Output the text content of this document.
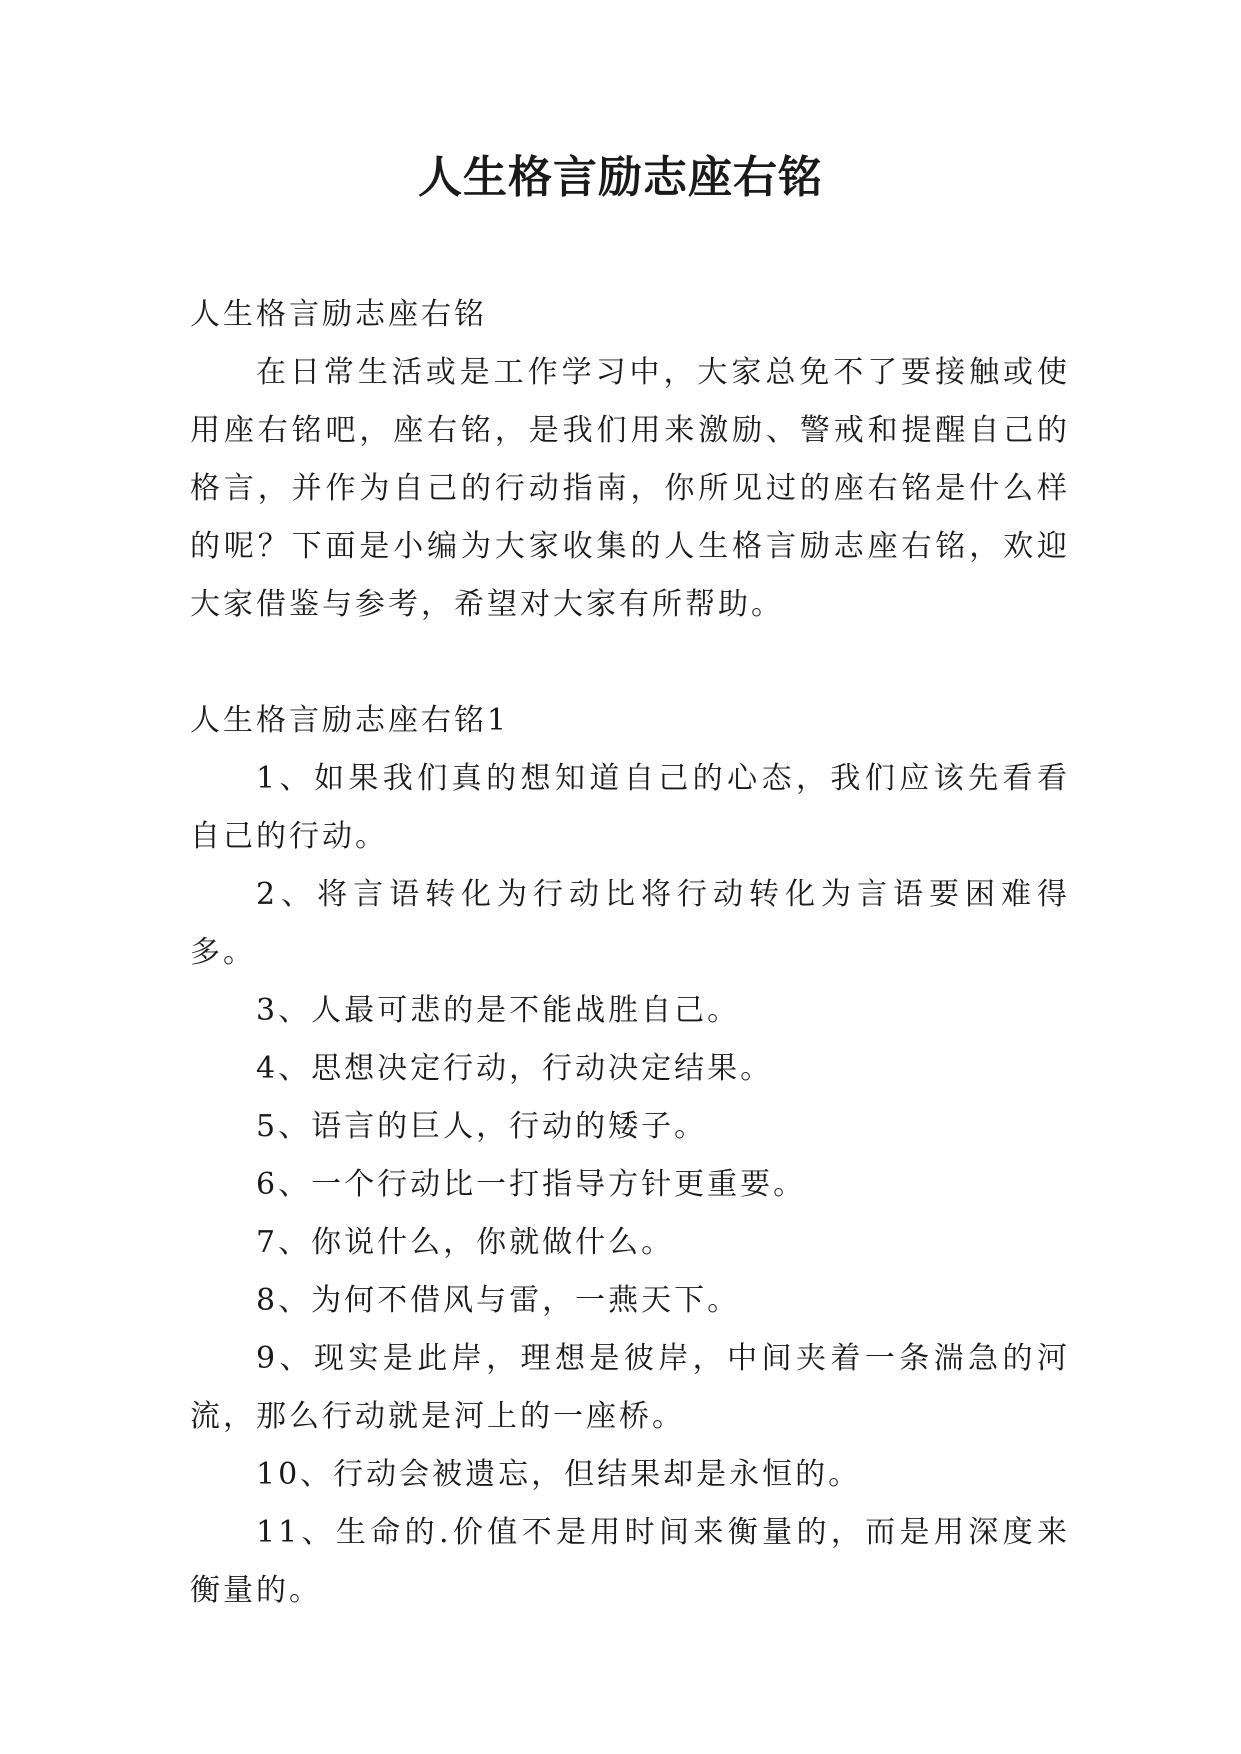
人生格言励志座右铭

人生格言励志座右铭

在日常生活或是工作学习中，大家总免不了要接触或使用座右铭吧，座右铭，是我们用来激励、警戒和提醒自己的格言，并作为自己的行动指南，你所见过的座右铭是什么样的呢？下面是小编为大家收集的人生格言励志座右铭，欢迎大家借鉴与参考，希望对大家有所帮助。

人生格言励志座右铭1

1、如果我们真的想知道自己的心态，我们应该先看看自己的行动。

2、将言语转化为行动比将行动转化为言语要困难得多。

3、人最可悲的是不能战胜自己。

4、思想决定行动，行动决定结果。

5、语言的巨人，行动的矮子。

6、一个行动比一打指导方针更重要。

7、你说什么，你就做什么。

8、为何不借风与雷，一燕天下。

9、现实是此岸，理想是彼岸，中间夹着一条湍急的河流，那么行动就是河上的一座桥。

10、行动会被遗忘，但结果却是永恒的。

11、生命的.价值不是用时间来衡量的，而是用深度来衡量的。
